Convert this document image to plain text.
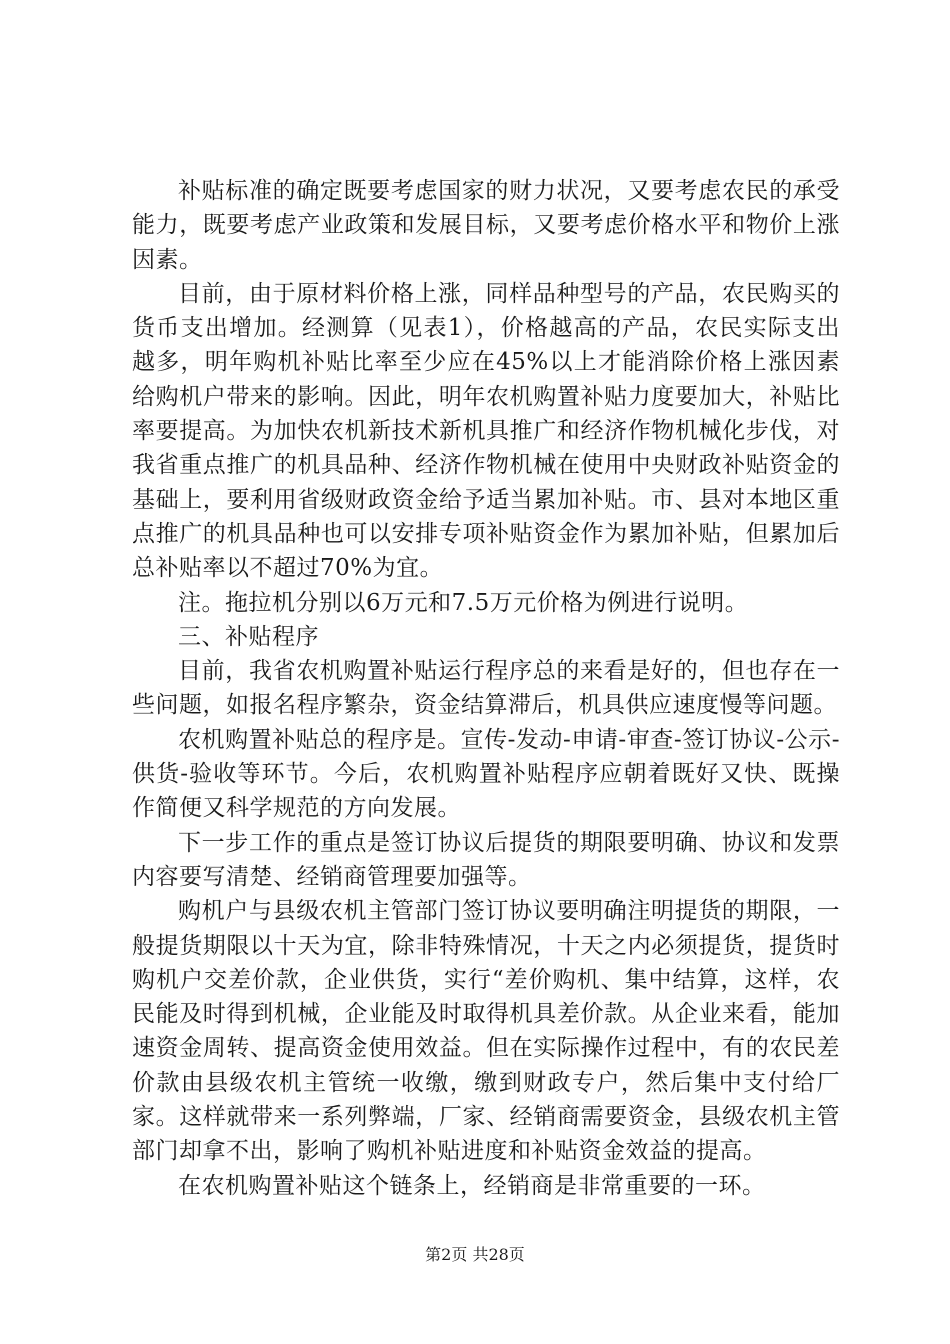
补贴标准的确定既要考虑国家的财力状况，又要考虑农民的承受能力，既要考虑产业政策和发展目标，又要考虑价格水平和物价上涨因素。

目前，由于原材料价格上涨，同样品种型号的产品，农民购买的货币支出增加。经测算（见表1），价格越高的产品，农民实际支出越多，明年购机补贴比率至少应在45%以上才能消除价格上涨因素给购机户带来的影响。因此，明年农机购置补贴力度要加大，补贴比率要提高。为加快农机新技术新机具推广和经济作物机械化步伐，对我省重点推广的机具品种、经济作物机械在使用中央财政补贴资金的基础上，要利用省级财政资金给予适当累加补贴。市、县对本地区重点推广的机具品种也可以安排专项补贴资金作为累加补贴，但累加后总补贴率以不超过70%为宜。

注。拖拉机分别以6万元和7.5万元价格为例进行说明。

三、补贴程序

目前，我省农机购置补贴运行程序总的来看是好的，但也存在一些问题，如报名程序繁杂，资金结算滞后，机具供应速度慢等问题。

农机购置补贴总的程序是。宣传-发动-申请-审查-签订协议-公示-供货-验收等环节。今后，农机购置补贴程序应朝着既好又快、既操作简便又科学规范的方向发展。

下一步工作的重点是签订协议后提货的期限要明确、协议和发票内容要写清楚、经销商管理要加强等。

购机户与县级农机主管部门签订协议要明确注明提货的期限，一般提货期限以十天为宜，除非特殊情况，十天之内必须提货，提货时购机户交差价款，企业供货，实行“差价购机、集中结算，这样，农民能及时得到机械，企业能及时取得机具差价款。从企业来看，能加速资金周转、提高资金使用效益。但在实际操作过程中，有的农民差价款由县级农机主管统一收缴，缴到财政专户，然后集中支付给厂家。这样就带来一系列弊端，厂家、经销商需要资金，县级农机主管部门却拿不出，影响了购机补贴进度和补贴资金效益的提高。

在农机购置补贴这个链条上，经销商是非常重要的一环。

第2页 共28页
